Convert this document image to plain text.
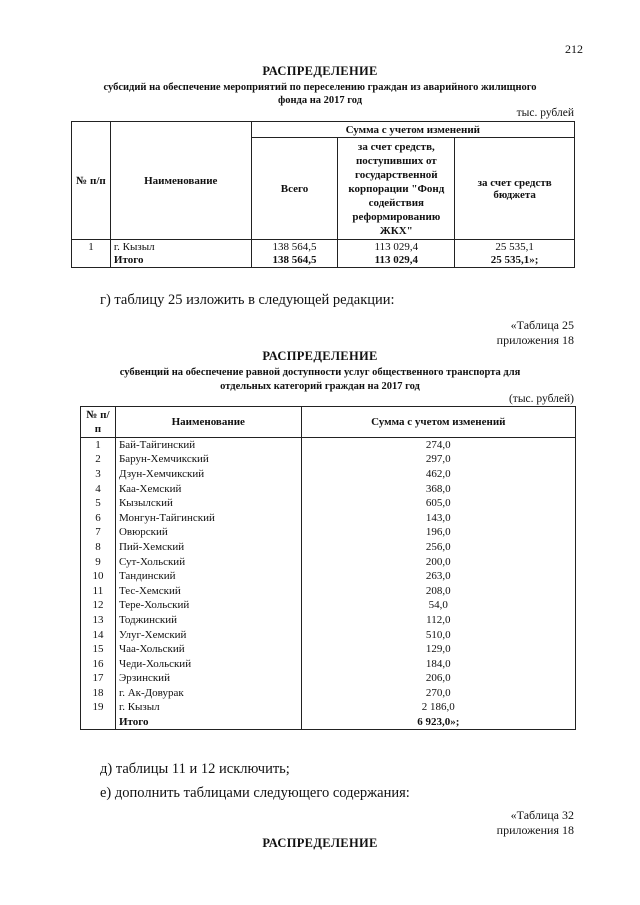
212
РАСПРЕДЕЛЕНИЕ
субсидий на обеспечение мероприятий по переселению граждан из аварийного жилищного
фонда на 2017 год
тыс. рублей
№ п/п	Наименование	Сумма с учетом изменений		
		Всего	за счет средств, поступивших от государственной корпорации "Фонд содействия реформированию ЖКХ"	за счет средств бюджета
1	г. Кызыл	138 564,5	113 029,4	25 535,1
	Итого	138 564,5	113 029,4	25 535,1»;
г) таблицу 25 изложить в следующей редакции:
«Таблица 25
приложения 18
РАСПРЕДЕЛЕНИЕ
субвенций на обеспечение равной доступности услуг общественного транспорта для
отдельных категорий граждан на 2017 год
(тыс. рублей)
№ п/п	Наименование	Сумма с учетом изменений
1	Бай-Тайгинский	274,0
2	Барун-Хемчикский	297,0
3	Дзун-Хемчикский	462,0
4	Каа-Хемский	368,0
5	Кызылский	605,0
6	Монгун-Тайгинский	143,0
7	Овюрский	196,0
8	Пий-Хемский	256,0
9	Сут-Хольский	200,0
10	Тандинский	263,0
11	Тес-Хемский	208,0
12	Тере-Хольский	54,0
13	Тоджинский	112,0
14	Улуг-Хемский	510,0
15	Чаа-Хольский	129,0
16	Чеди-Хольский	184,0
17	Эрзинский	206,0
18	г. Ак-Довурак	270,0
19	г. Кызыл	2 186,0
	Итого	6 923,0»;
д) таблицы 11 и 12 исключить;
е) дополнить таблицами следующего содержания:
«Таблица 32
приложения 18
РАСПРЕДЕЛЕНИЕ
